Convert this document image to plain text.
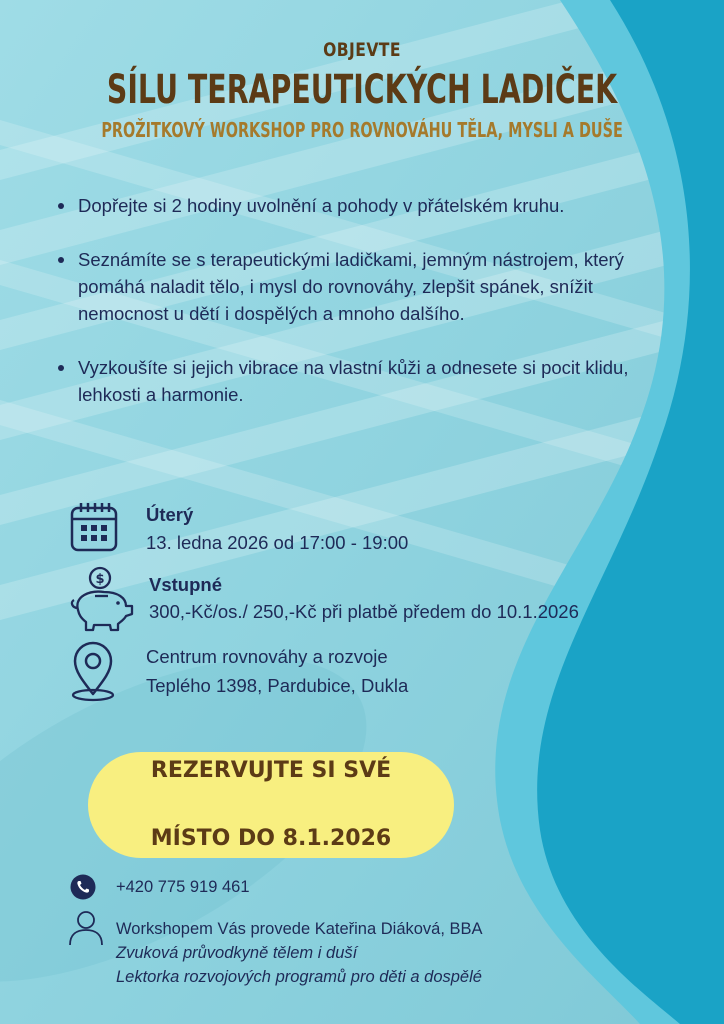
OBJEVTE

SÍLU TERAPEUTICKÝCH LADIČEK

PROŽITKOVÝ WORKSHOP PRO ROVNOVÁHU TĚLA, MYSLI A DUŠE

Dopřejte si 2 hodiny uvolnění a pohody v přátelském kruhu.
Seznámíte se s terapeutickými ladičkami, jemným nástrojem, který pomáhá naladit tělo, i mysl do rovnováhy, zlepšit spánek, snížit nemocnost u dětí i dospělých a mnoho dalšího.
Vyzkoušíte si jejich vibrace na vlastní kůži a odnesete si pocit klidu, lehkosti a harmonie.
Úterý
13. ledna 2026 od 17:00 - 19:00
$ Vstupné
300,-Kč/os./ 250,-Kč při platbě předem do 10.1.2026
Centrum rovnováhy a rozvoje
Teplého 1398, Pardubice, Dukla
REZERVUJTE SI SVÉ

MÍSTO DO 8.1.2026
+420 775 919 461
Workshopem Vás provede Kateřina Diáková, BBA
Zvuková průvodkyně tělem i duší
Lektorka rozvojových programů pro děti a dospělé
